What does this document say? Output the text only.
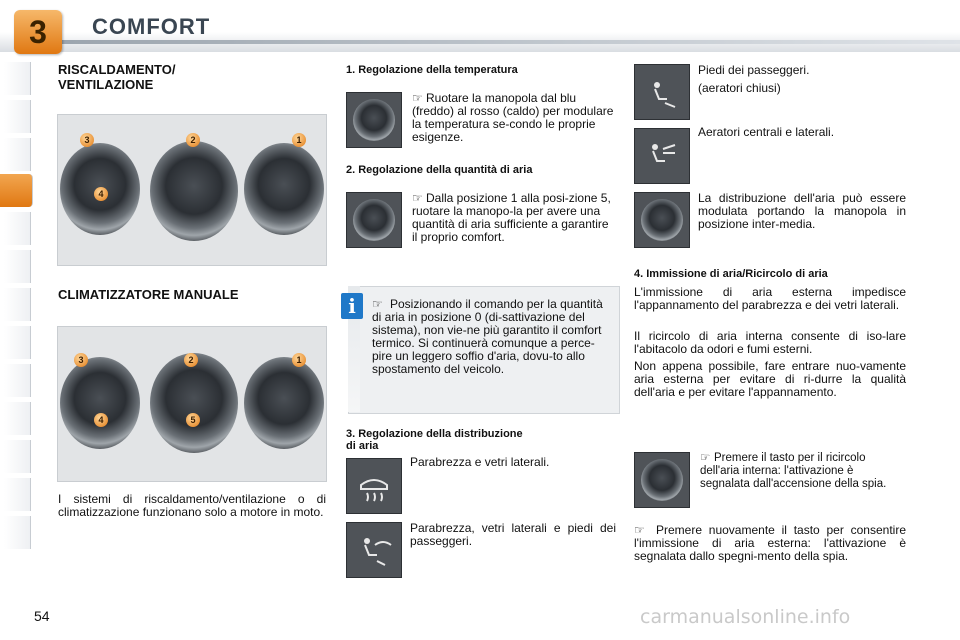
3	COMFORT
RISCALDAMENTO/
VENTILAZIONE
3	2	1
4
CLIMATIZZATORE MANUALE
3	2	1
4	5
I sistemi di riscaldamento/ventilazione o di climatizzazione funzionano solo a motore in moto.
1. Regolazione della temperatura
☞ Ruotare la manopola dal blu (freddo) al rosso (caldo) per modulare la temperatura se-condo le proprie esigenze.
2. Regolazione della quantità di aria
☞ Dalla posizione 1 alla posi-zione 5, ruotare la manopo-la per avere una quantità di aria sufficiente a garantire il proprio comfort.
i	☞ Posizionando il comando per la quantità di aria in posizione 0 (di-sattivazione del sistema), non vie-ne più garantito il comfort termico. Si continuerà comunque a perce-pire un leggero soffio d'aria, dovu-to allo spostamento del veicolo.
3. Regolazione della distribuzione
di aria
Parabrezza e vetri laterali.
Parabrezza, vetri laterali e piedi dei passeggeri.
Piedi dei passeggeri.
(aeratori chiusi)
Aeratori centrali e laterali.
La distribuzione dell'aria può essere modulata portando la manopola in posizione inter-media.
4. Immissione di aria/Ricircolo di aria
L'immissione di aria esterna impedisce l'appannamento del parabrezza e dei vetri laterali.
Il ricircolo di aria interna consente di iso-lare l'abitacolo da odori e fumi esterni.
Non appena possibile, fare entrare nuo-vamente aria esterna per evitare di ri-durre la qualità dell'aria e per evitare l'appannamento.
☞ Premere il tasto per il ricircolo dell'aria interna: l'attivazione è segnalata dall'accensione della spia.
☞ Premere nuovamente il tasto per consentire l'immissione di aria esterna: l'attivazione è segnalata dallo spegni-mento della spia.
54	carmanualsonline.info
